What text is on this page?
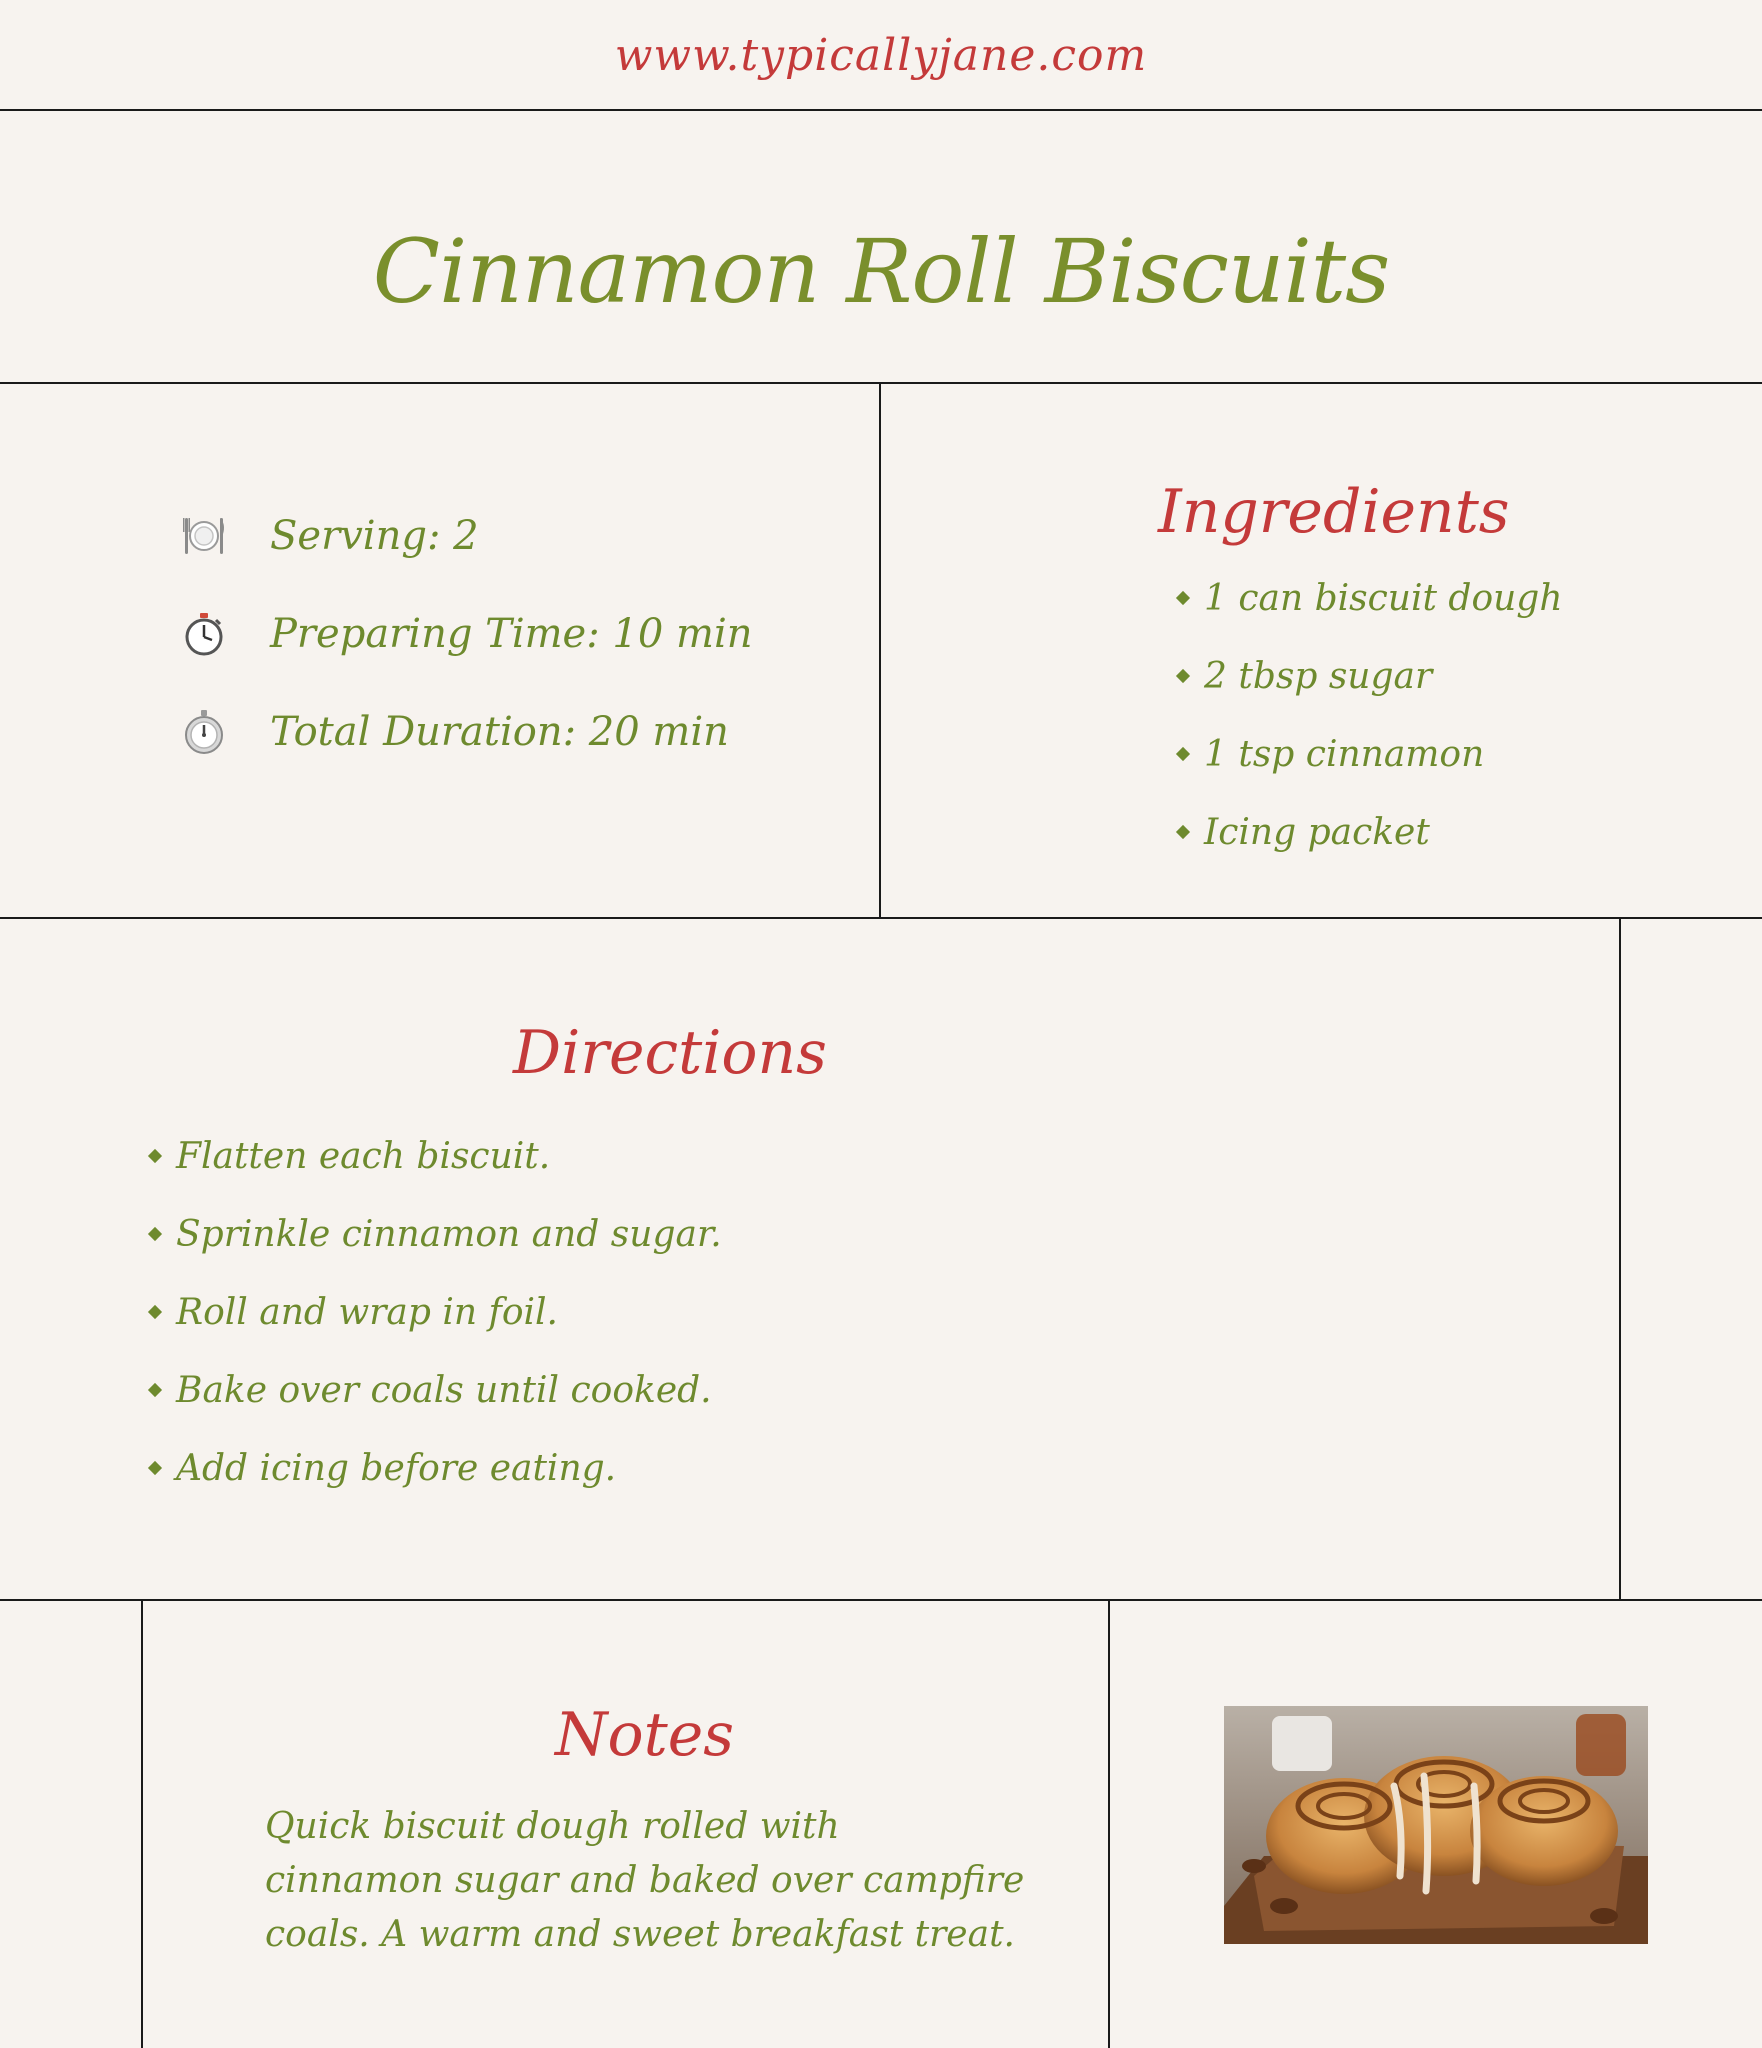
www.typicallyjane.com
Cinnamon Roll Biscuits
Serving: 2
Preparing Time: 10 min
Total Duration: 20 min
Ingredients
1 can biscuit dough
2 tbsp sugar
1 tsp cinnamon
Icing packet
Directions
Flatten each biscuit.
Sprinkle cinnamon and sugar.
Roll and wrap in foil.
Bake over coals until cooked.
Add icing before eating.
Notes
Quick biscuit dough rolled with cinnamon sugar and baked over campfire coals. A warm and sweet breakfast treat.
